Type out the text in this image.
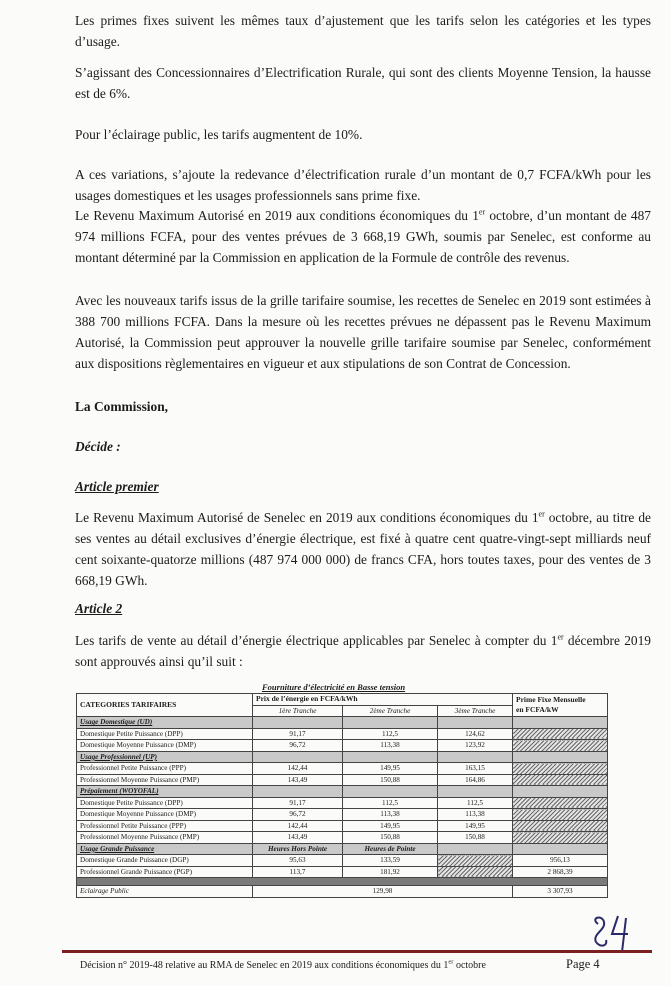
Les primes fixes suivent les mêmes taux d’ajustement que les tarifs selon les catégories et les types d’usage.

S’agissant des Concessionnaires d’Electrification Rurale, qui sont des clients Moyenne Tension, la hausse est de 6%.

Pour l’éclairage public, les tarifs augmentent de 10%.

A ces variations, s’ajoute la redevance d’électrification rurale d’un montant de 0,7 FCFA/kWh pour les usages domestiques et les usages professionnels sans prime fixe.

Le Revenu Maximum Autorisé en 2019 aux conditions économiques du 1er octobre, d’un montant de 487 974 millions FCFA, pour des ventes prévues de 3 668,19 GWh, soumis par Senelec, est conforme au montant déterminé par la Commission en application de la Formule de contrôle des revenus.

Avec les nouveaux tarifs issus de la grille tarifaire soumise, les recettes de Senelec en 2019 sont estimées à 388 700 millions FCFA. Dans la mesure où les recettes prévues ne dépassent pas le Revenu Maximum Autorisé, la Commission peut approuver la nouvelle grille tarifaire soumise par Senelec, conformément aux dispositions règlementaires en vigueur et aux stipulations de son Contrat de Concession.

La Commission,

Décide :

Article premier

Le Revenu Maximum Autorisé de Senelec en 2019 aux conditions économiques du 1er octobre, au titre de ses ventes au détail exclusives d’énergie électrique, est fixé à quatre cent quatre-vingt-sept milliards neuf cent soixante-quatorze millions (487 974 000 000) de francs CFA, hors toutes taxes, pour des ventes de 3 668,19 GWh.

Article 2

Les tarifs de vente au détail d’énergie électrique applicables par Senelec à compter du 1er décembre 2019 sont approuvés ainsi qu’il suit :

Fourniture d’électricité en Basse tension
CATEGORIES TARIFAIRES	Prix de l’énergie en FCFA/kWh			Prime Fixe Mensuelle
en FCFA/kW
	1ère Tranche	2ème Tranche	3ème Tranche	
Usage Domestique (UD)				
Domestique Petite Puissance (DPP)	91,17	112,5	124,62	
Domestique Moyenne Puissance (DMP)	96,72	113,38	123,92	
Usage Professionnel (UP)				
Professionnel Petite Puissance (PPP)	142,44	149,95	163,15	
Professionnel Moyenne Puissance (PMP)	143,49	150,88	164,86	
Prépaiement (WOYOFAL)				
Domestique Petite Puissance (DPP)	91,17	112,5	112,5	
Domestique Moyenne Puissance (DMP)	96,72	113,38	113,38	
Professionnel Petite Puissance (PPP)	142,44	149,95	149,95	
Professionnel Moyenne Puissance (PMP)	143,49	150,88	150,88	
Usage Grande Puissance	Heures Hors Pointe	Heures de Pointe		
Domestique Grande Puissance (DGP)	95,63	133,59		956,13
Professionnel Grande Puissance (PGP)	113,7	181,92		2 868,39

Eclairage Public	129,98			3 307,93
Décision n° 2019-48 relative au RMA de Senelec en 2019 aux conditions économiques du 1er octobre	Page 4
